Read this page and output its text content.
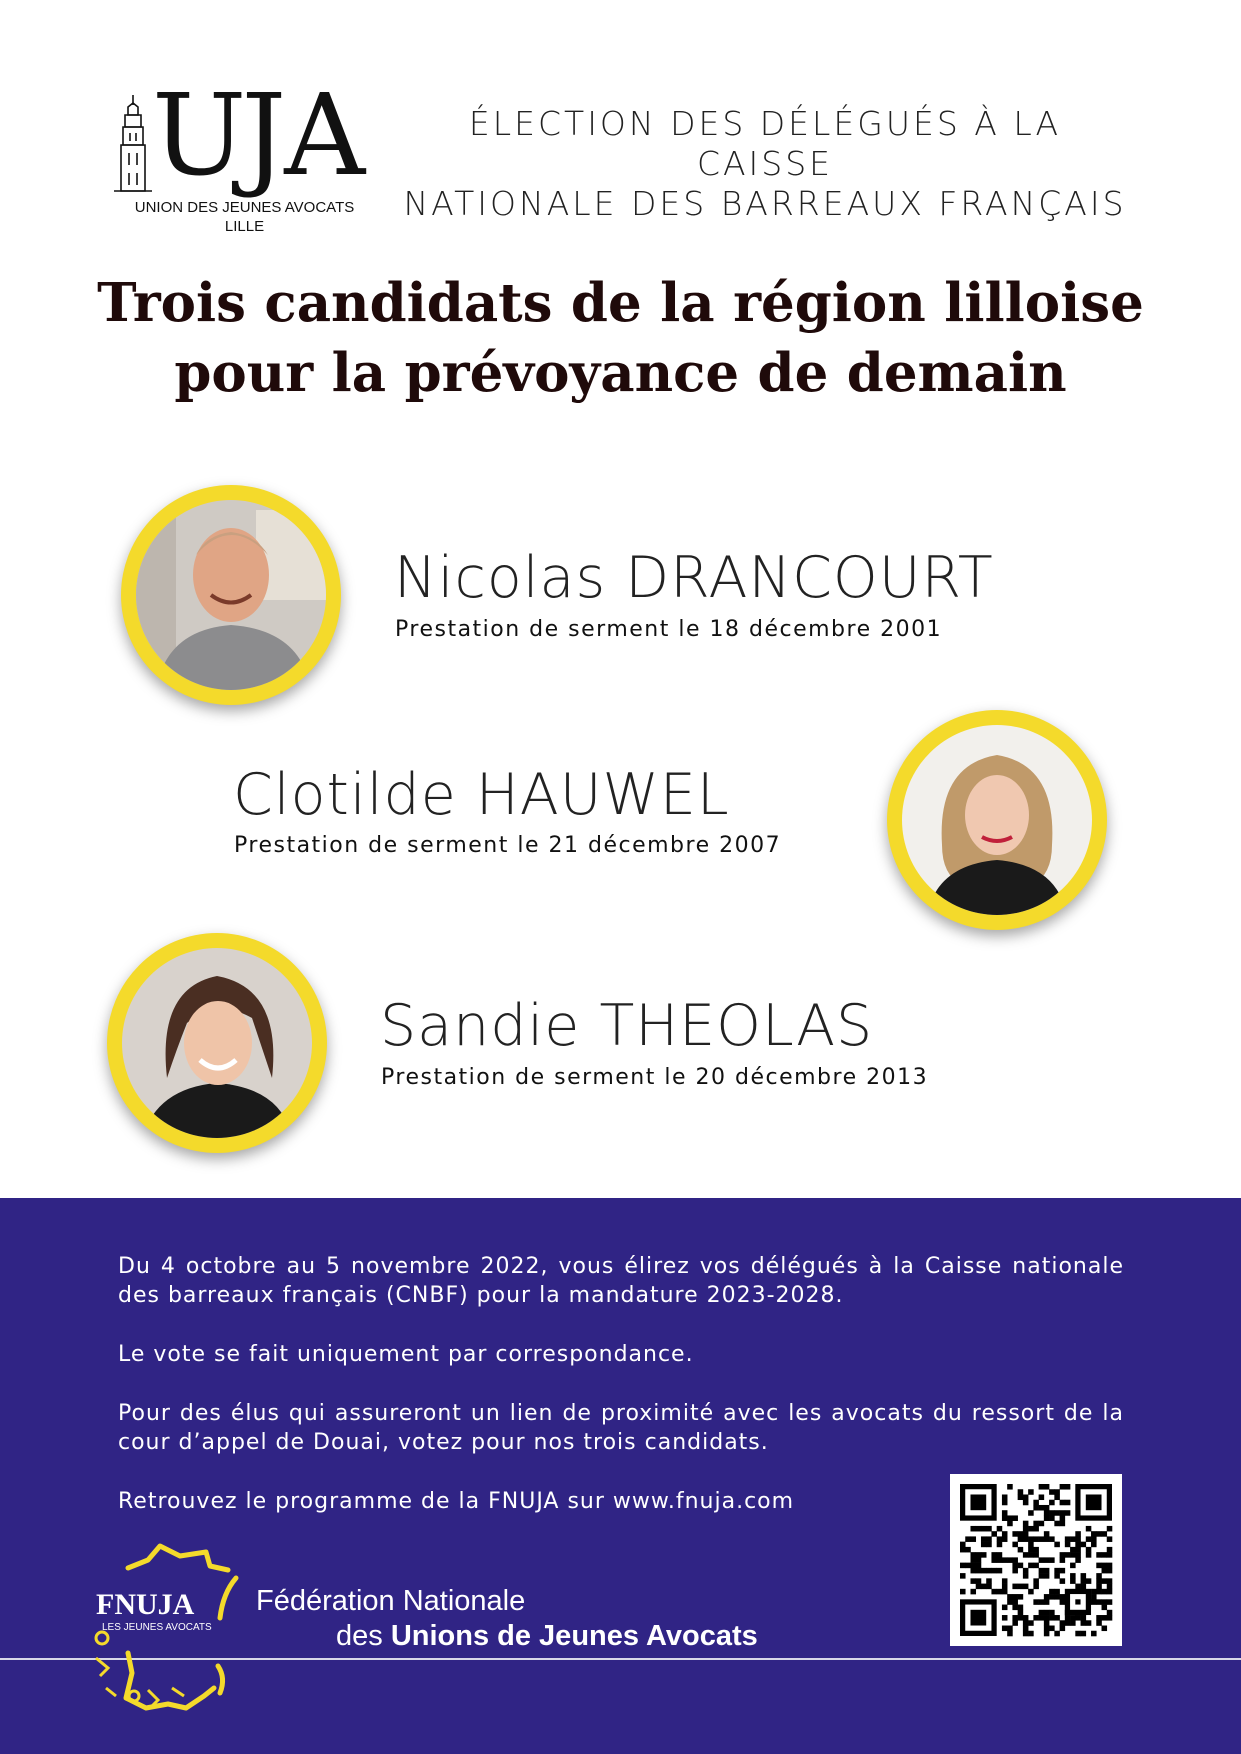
UJA
UNION DES JEUNES AVOCATS
LILLE
ÉLECTION DES DÉLÉGUÉS À LA CAISSE
NATIONALE DES BARREAUX FRANÇAIS
Trois candidats de la région lilloise
pour la prévoyance de demain
Nicolas DRANCOURT
Prestation de serment le 18 décembre 2001
Clotilde HAUWEL
Prestation de serment le 21 décembre 2007
Sandie THEOLAS
Prestation de serment le 20 décembre 2013
Du 4 octobre au 5 novembre 2022, vous élirez vos délégués à la Caisse nationale des barreaux français (CNBF) pour la mandature 2023-2028.
Le vote se fait uniquement par correspondance.
Pour des élus qui assureront un lien de proximité avec les avocats du ressort de la cour d’appel de Douai, votez pour nos trois candidats.
Retrouvez le programme de la FNUJA sur www.fnuja.com
FNUJA
LES JEUNES AVOCATS
Fédération Nationale
des Unions de Jeunes Avocats
